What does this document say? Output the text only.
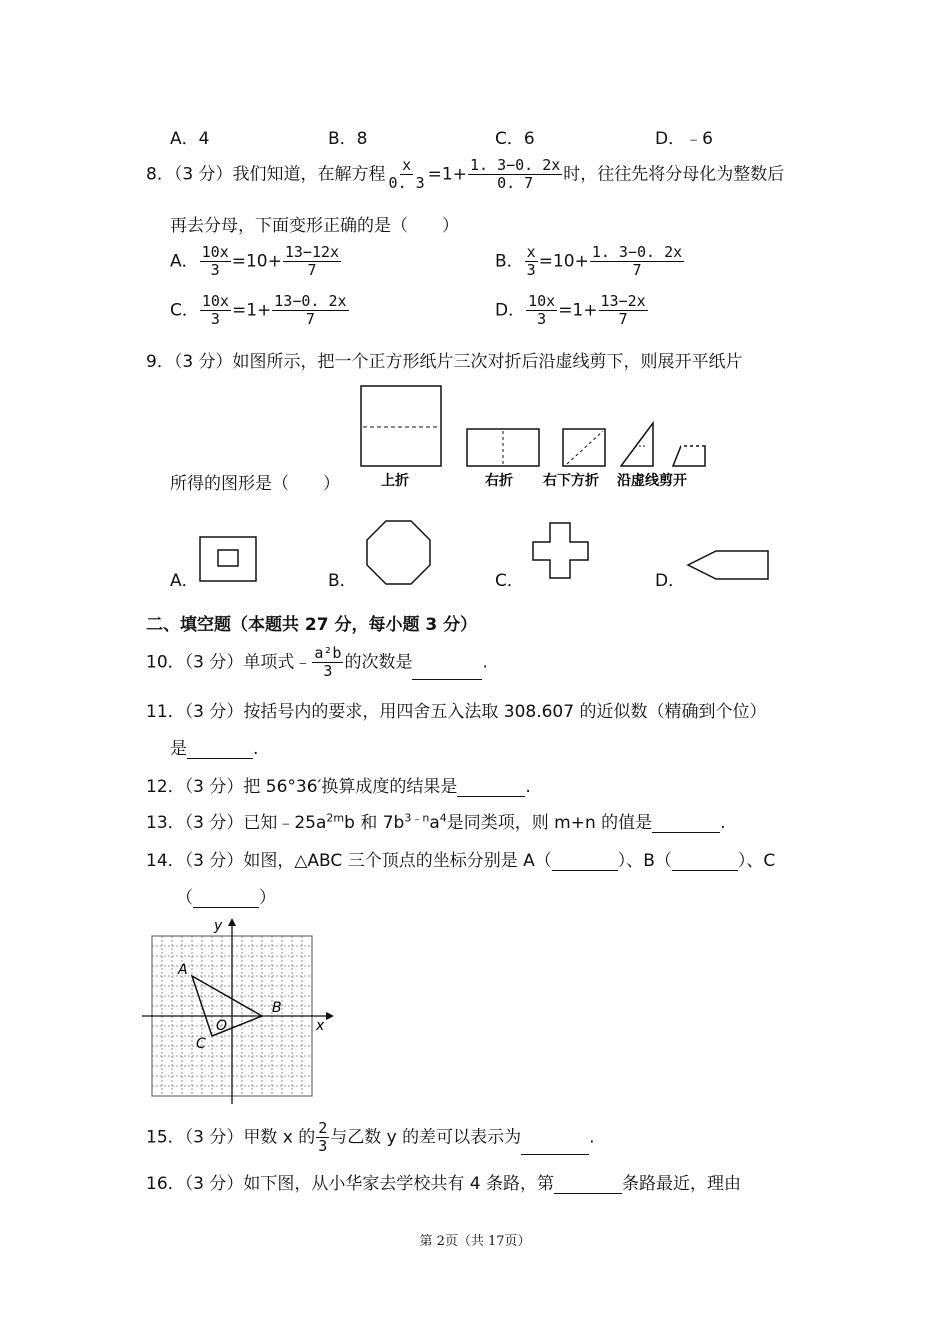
A．4	B．8	C．6	D．﹣6
8．（3 分）我们知道，在解方程 $\frac{x}{0. 3} =1+ \frac{1. 3-0. 2x}{0. 7}$ 时，往往先将分母化为整数后
再去分母，下面变形正确的是（　　）
A． $\frac{10x}{3} =10+ \frac{13-12x}{7}$	B． $\frac{x}{3} =10+ \frac{1. 3-0. 2x}{7}$
C． $\frac{10x}{3} =1+ \frac{13-0. 2x}{7}$	D． $\frac{10x}{3} =1+ \frac{13-2x}{7}$
9．（3 分）如图所示，把一个正方形纸片三次对折后沿虚线剪下，则展开平纸片
所得的图形是（　　）	上折	右折 右下方折 沿虚线剪开
A．	B．	C．	D．
二、填空题（本题共 27 分，每小题 3 分）
10．（3 分）单项式﹣ $\frac{\text{a²b}}{3}$ 的次数是	.
11．（3 分）按括号内的要求，用四舍五入法取 308.607 的近似数（精确到个位）
是	.
12．（3 分）把 56°36′换算成度的结果是	.
13．（3 分）已知$﹣25a^{2m}b$ 和 $7b^{3﹣n}a^4$是同类项，则 m+n 的值是	.
14．（3 分）如图，△ABC 三个顶点的坐标分别是 A（	）、B（	）、C
（	）
A
B
C
O	x
y
15．（3 分）甲数 x 的 $\frac{2}{3}$ 与乙数 y 的差可以表示为	.
16．（3 分）如下图，从小华家去学校共有 4 条路，第	条路最近，理由
第 2页（共 17页）
